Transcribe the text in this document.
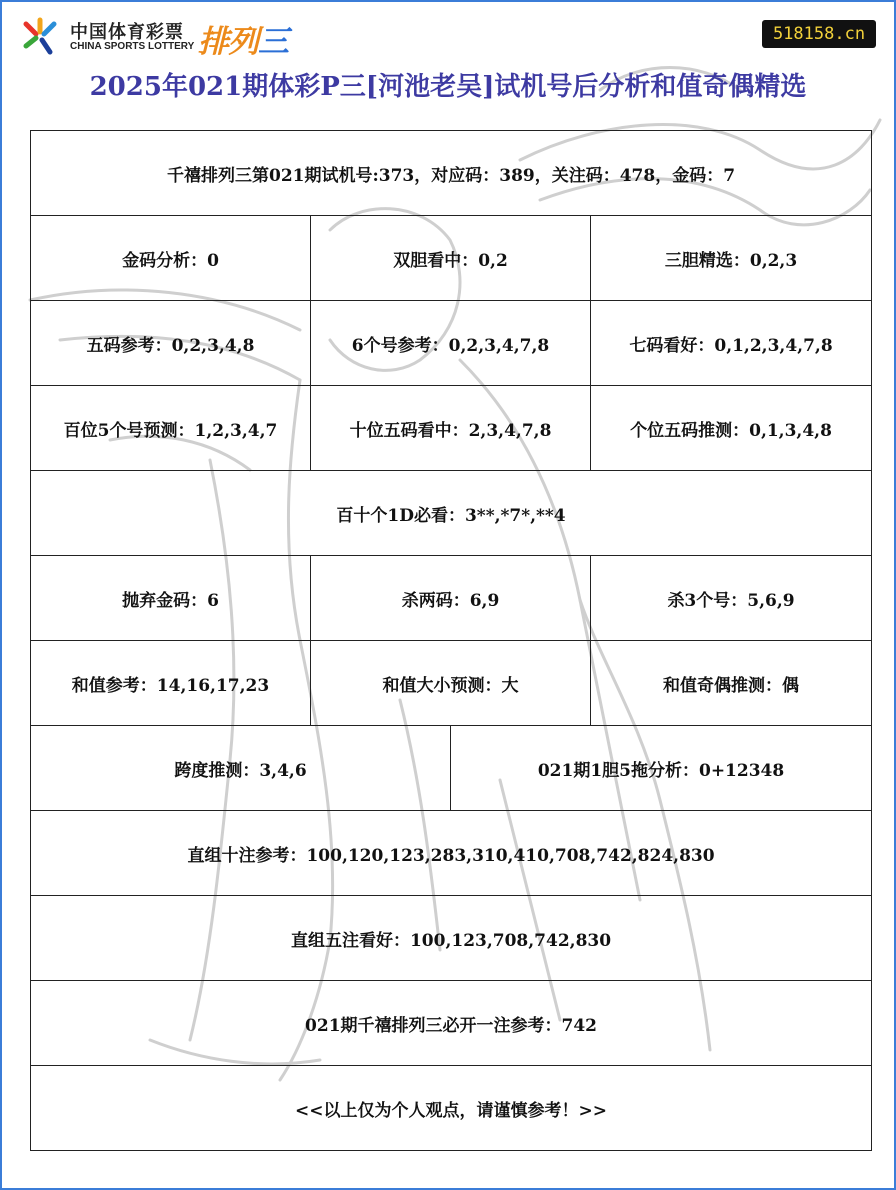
中国体育彩票
CHINA SPORTS LOTTERY 排列三	518158.cn
2025年021期体彩P三[河池老吴]试机号后分析和值奇偶精选
千禧排列三第021期试机号:373，对应码：389，关注码：478，金码：7			
金码分析：0	双胆看中：0,2		三胆精选：0,2,3
五码参考：0,2,3,4,8	6个号参考：0,2,3,4,7,8		七码看好：0,1,2,3,4,7,8
百位5个号预测：1,2,3,4,7	十位五码看中：2,3,4,7,8		个位五码推测：0,1,3,4,8
百十个1D必看：3**,*7*,**4			
抛弃金码：6	杀两码：6,9		杀3个号：5,6,9
和值参考：14,16,17,23	和值大小预测：大		和值奇偶推测：偶
跨度推测：3,4,6		021期1胆5拖分析：0+12348	
直组十注参考：100,120,123,283,310,410,708,742,824,830			
直组五注看好：100,123,708,742,830			
021期千禧排列三必开一注参考：742			
<<以上仅为个人观点，请谨慎参考！>>			
